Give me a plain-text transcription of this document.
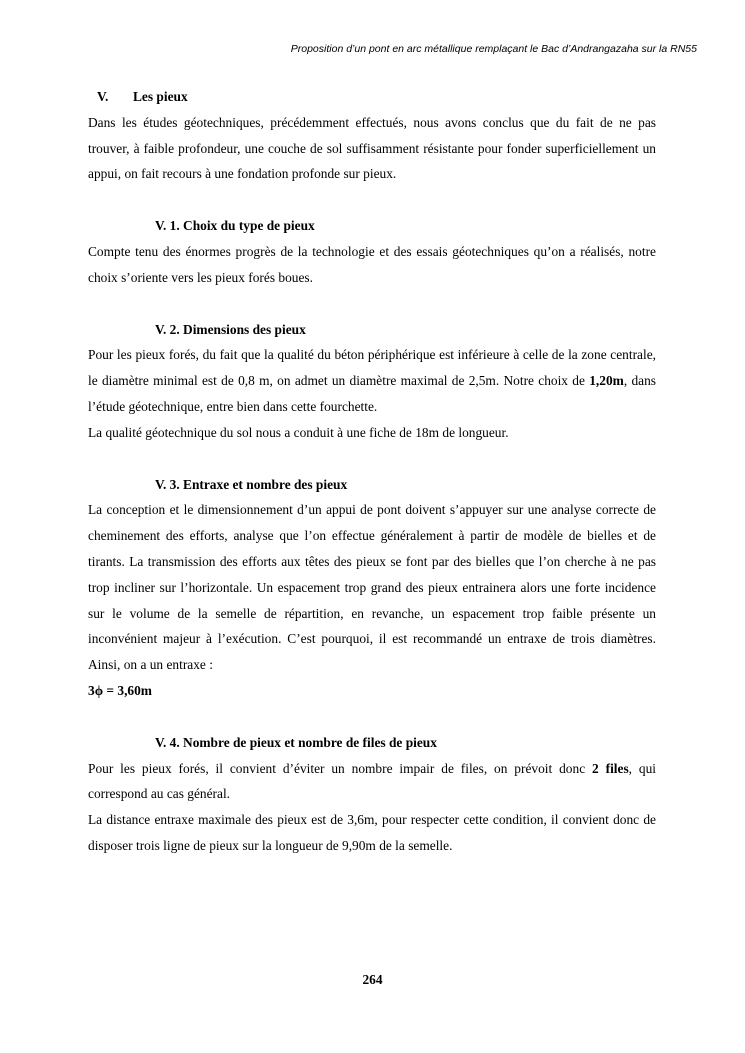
Proposition d’un pont en arc métallique remplaçant le Bac d’Andrangazaha sur la RN55
V. Les pieux

Dans les études géotechniques, précédemment effectués, nous avons conclus que du fait de ne pas trouver, à faible profondeur, une couche de sol suffisamment résistante pour fonder superficiellement un appui, on fait recours à une fondation profonde sur pieux.

V. 1. Choix du type de pieux

Compte tenu des énormes progrès de la technologie et des essais géotechniques qu’on a réalisés, notre choix s’oriente vers les pieux forés boues.

V. 2. Dimensions des pieux

Pour les pieux forés, du fait que la qualité du béton périphérique est inférieure à celle de la zone centrale, le diamètre minimal est de 0,8 m, on admet un diamètre maximal de 2,5m. Notre choix de 1,20m, dans l’étude géotechnique, entre bien dans cette fourchette.

La qualité géotechnique du sol nous a conduit à une fiche de 18m de longueur.

V. 3. Entraxe et nombre des pieux

La conception et le dimensionnement d’un appui de pont doivent s’appuyer sur une analyse correcte de cheminement des efforts, analyse que l’on effectue généralement à partir de modèle de bielles et de tirants. La transmission des efforts aux têtes des pieux se font par des bielles que l’on cherche à ne pas trop incliner sur l’horizontale. Un espacement trop grand des pieux entrainera alors une forte incidence sur le volume de la semelle de répartition, en revanche, un espacement trop faible présente un inconvénient majeur à l’exécution. C’est pourquoi, il est recommandé un entraxe de trois diamètres. Ainsi, on a un entraxe :

3ϕ = 3,60m
V. 4. Nombre de pieux et nombre de files de pieux

Pour les pieux forés, il convient d’éviter un nombre impair de files, on prévoit donc 2 files, qui correspond au cas général.

La distance entraxe maximale des pieux est de 3,6m, pour respecter cette condition, il convient donc de disposer trois ligne de pieux sur la longueur de 9,90m de la semelle.

264
